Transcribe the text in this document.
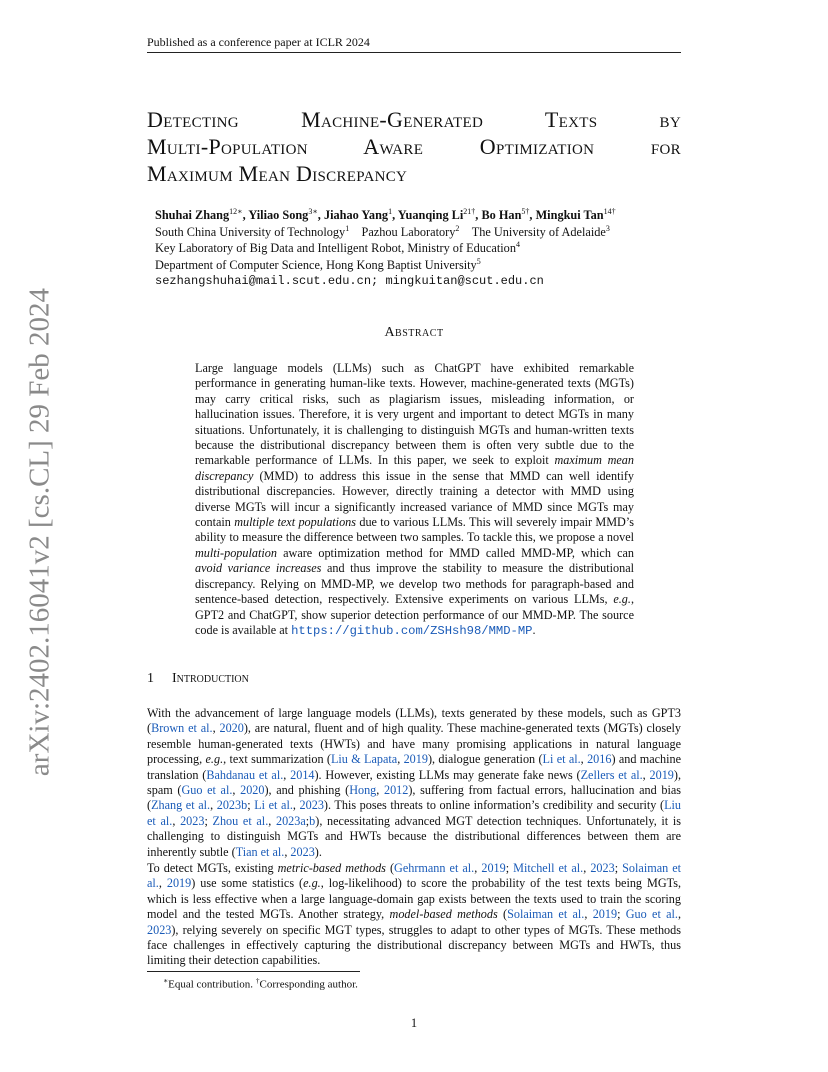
Published as a conference paper at ICLR 2024
arXiv:2402.16041v2 [cs.CL] 29 Feb 2024
Detecting Machine-Generated Texts by
Multi-Population Aware Optimization for
Maximum Mean Discrepancy
Shuhai Zhang$^{12∗}$, Yiliao Song$^{3∗}$, Jiahao Yang$^1$, Yuanqing $Li^{21\dagger}$, Bo Han$^{5\dagger}$, Mingkui Tan$^{14\dagger}$
South China University of Technology$^1$  Pazhou Laboratory$^2$  The University of Adelaide$^3$
Key Laboratory of Big Data and Intelligent Robot, Ministry of Education$^4$
Department of Computer Science, Hong Kong Baptist University$^5$
sezhangshuhai@mail.scut.edu.cn; mingkuitan@scut.edu.cn
Abstract
Large language models (LLMs) such as ChatGPT have exhibited remarkable performance in generating human-like texts. However, machine-generated texts (MGTs) may carry critical risks, such as plagiarism issues, misleading information, or hallucination issues. Therefore, it is very urgent and important to detect MGTs in many situations. Unfortunately, it is challenging to distinguish MGTs and human-written texts because the distributional discrepancy between them is often very subtle due to the remarkable performance of LLMs. In this paper, we seek to exploit maximum mean discrepancy (MMD) to address this issue in the sense that MMD can well identify distributional discrepancies. However, directly training a detector with MMD using diverse MGTs will incur a significantly increased variance of MMD since MGTs may contain multiple text populations due to various LLMs. This will severely impair MMD’s ability to measure the difference between two samples. To tackle this, we propose a novel multi-population aware optimization method for MMD called MMD-MP, which can avoid variance increases and thus improve the stability to measure the distributional discrepancy. Relying on MMD-MP, we develop two methods for paragraph-based and sentence-based detection, respectively. Extensive experiments on various LLMs, e.g., GPT2 and ChatGPT, show superior detection performance of our MMD-MP. The source code is available at https://github.com/ZSHsh98/MMD-MP.
1 Introduction

With the advancement of large language models (LLMs), texts generated by these models, such as GPT3 (Brown et al., 2020), are natural, fluent and of high quality. These machine-generated texts (MGTs) closely resemble human-generated texts (HWTs) and have many promising applications in natural language processing, e.g., text summarization (Liu & Lapata, 2019), dialogue generation (Li et al., 2016) and machine translation (Bahdanau et al., 2014). However, existing LLMs may generate fake news (Zellers et al., 2019), spam (Guo et al., 2020), and phishing (Hong, 2012), suffering from factual errors, hallucination and bias (Zhang et al., 2023b; Li et al., 2023). This poses threats to online information’s credibility and security (Liu et al., 2023; Zhou et al., 2023a;b), necessitating advanced MGT detection techniques. Unfortunately, it is challenging to distinguish MGTs and HWTs because the distributional differences between them are inherently subtle (Tian et al., 2023).

To detect MGTs, existing metric-based methods (Gehrmann et al., 2019; Mitchell et al., 2023; Solaiman et al., 2019) use some statistics (e.g., log-likelihood) to score the probability of the test texts being MGTs, which is less effective when a large language-domain gap exists between the texts used to train the scoring model and the tested MGTs. Another strategy, model-based methods (Solaiman et al., 2019; Guo et al., 2023), relying severely on specific MGT types, struggles to adapt to other types of MGTs. These methods face challenges in effectively capturing the distributional discrepancy between MGTs and HWTs, thus limiting their detection capabilities.

∗Equal contribution. †Corresponding author.
1
